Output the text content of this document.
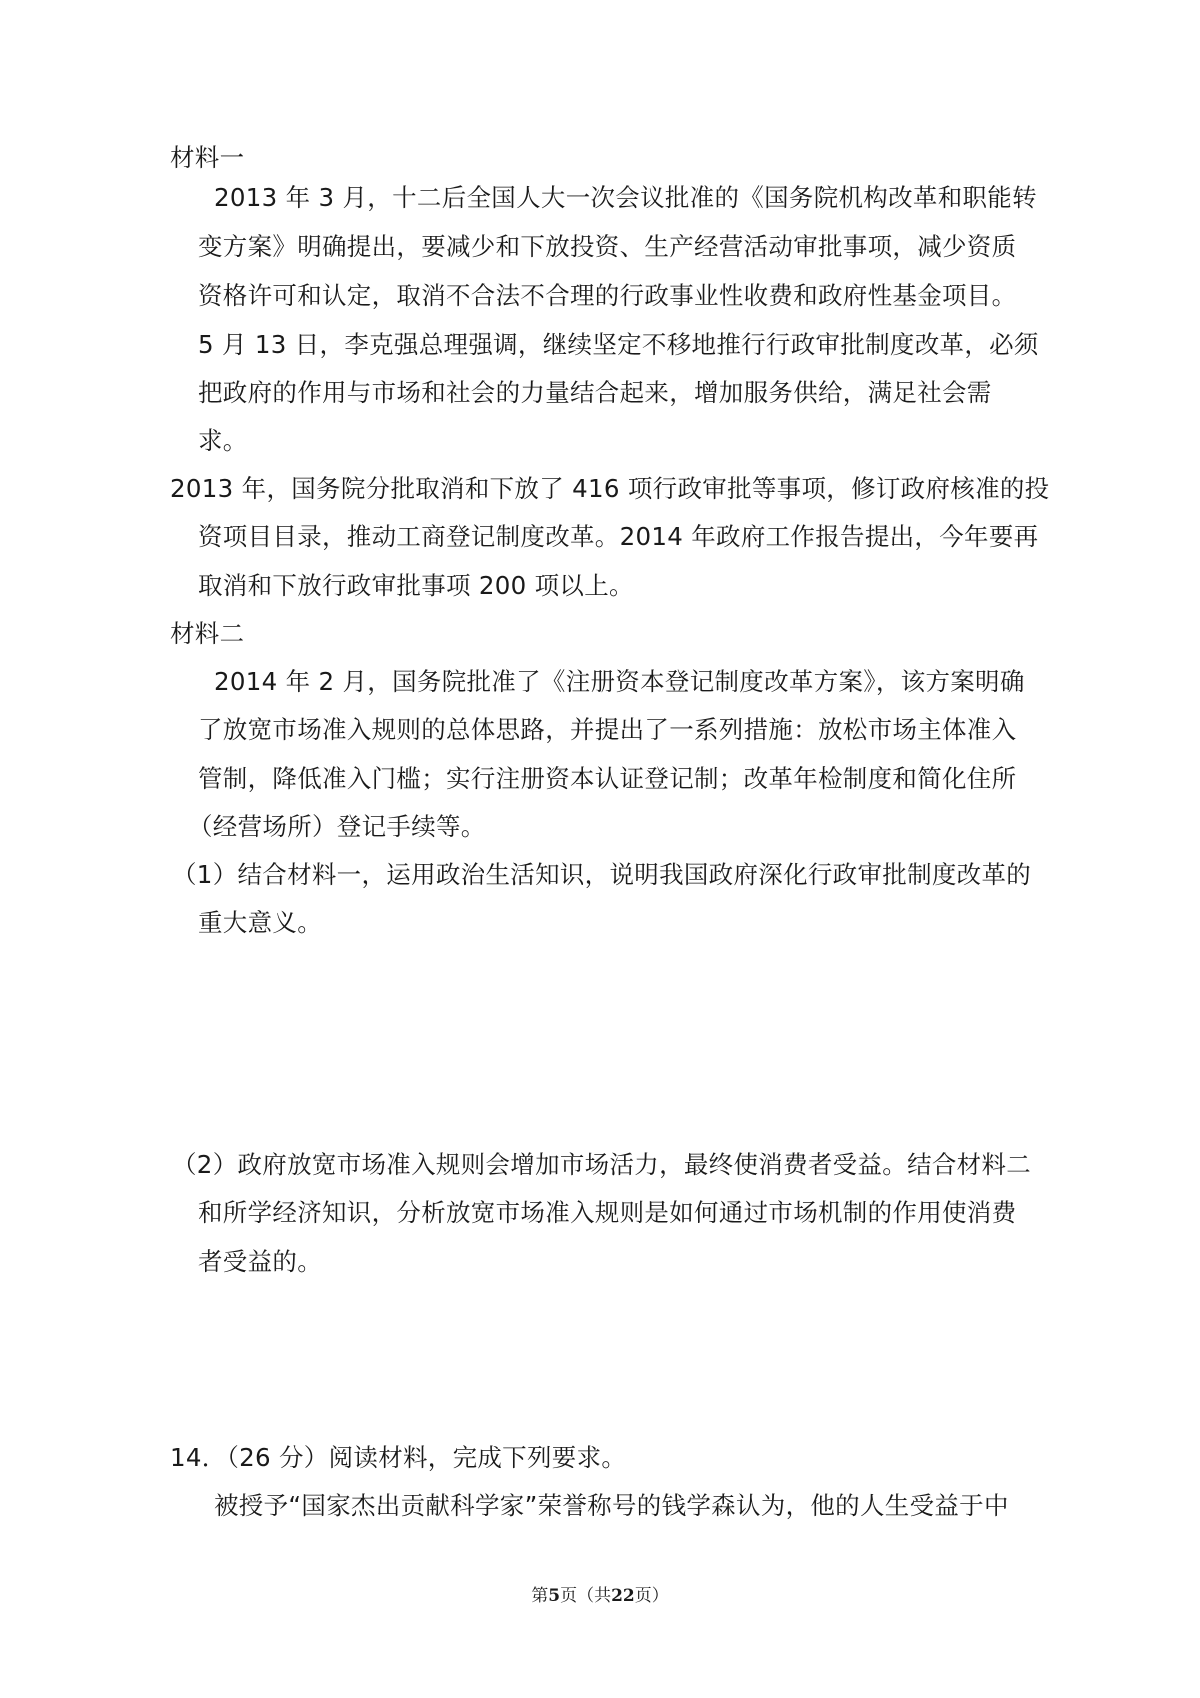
材料一
2013 年 3 月，十二后全国人大一次会议批准的《国务院机构改革和职能转
变方案》明确提出，要减少和下放投资、生产经营活动审批事项，减少资质
资格许可和认定，取消不合法不合理的行政事业性收费和政府性基金项目。
5 月 13 日，李克强总理强调，继续坚定不移地推行行政审批制度改革，必须
把政府的作用与市场和社会的力量结合起来，增加服务供给，满足社会需
求。
2013 年，国务院分批取消和下放了 416 项行政审批等事项，修订政府核准的投
资项目目录，推动工商登记制度改革。2014 年政府工作报告提出，今年要再
取消和下放行政审批事项 200 项以上。
材料二
2014 年 2 月，国务院批准了《注册资本登记制度改革方案》，该方案明确
了放宽市场准入规则的总体思路，并提出了一系列措施：放松市场主体准入
管制，降低准入门槛；实行注册资本认证登记制；改革年检制度和简化住所
（经营场所）登记手续等。
（1）结合材料一，运用政治生活知识，说明我国政府深化行政审批制度改革的
重大意义。
（2）政府放宽市场准入规则会增加市场活力，最终使消费者受益。结合材料二
和所学经济知识，分析放宽市场准入规则是如何通过市场机制的作用使消费
者受益的。
14．（26 分）阅读材料，完成下列要求。
被授予“国家杰出贡献科学家”荣誉称号的钱学森认为，他的人生受益于中
第5页（共22页）
